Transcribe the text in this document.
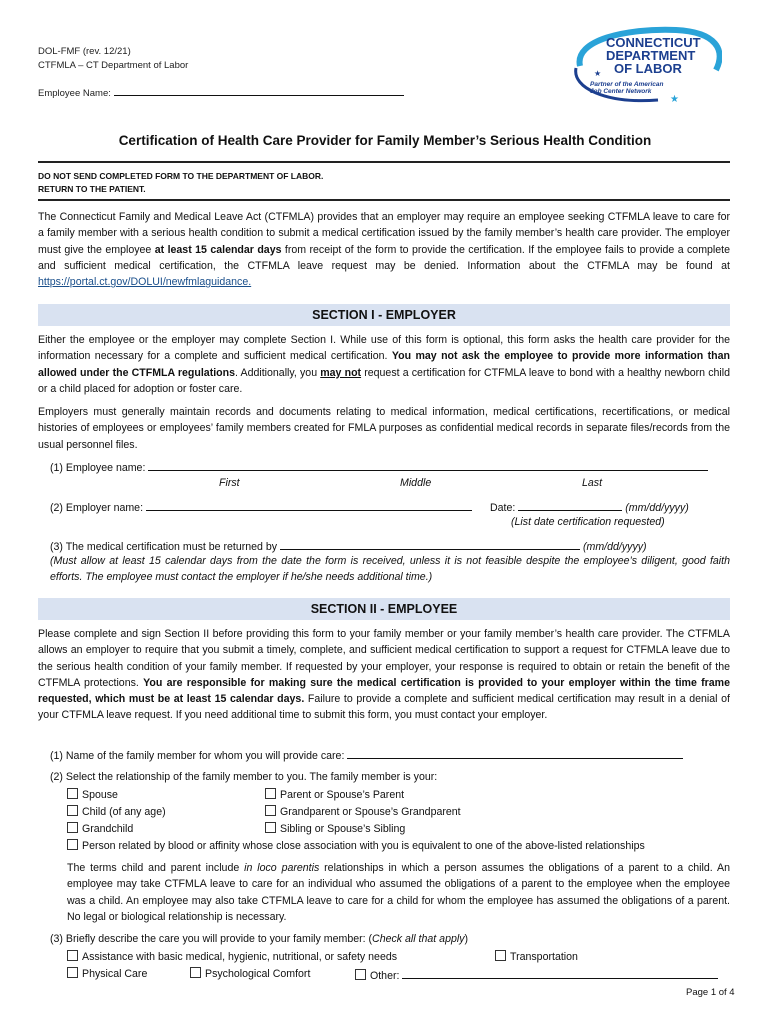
DOL-FMF (rev. 12/21)
CTFMLA – CT Department of Labor
Employee Name:
★
★
CONNECTICUT
DEPARTMENT
OF LABOR
Partner of the American
Job Center Network
Certification of Health Care Provider for Family Member’s Serious Health Condition
DO NOT SEND COMPLETED FORM TO THE DEPARTMENT OF LABOR.
RETURN TO THE PATIENT.
The Connecticut Family and Medical Leave Act (CTFMLA) provides that an employer may require an employee seeking CTFMLA leave to care for a family member with a serious health condition to submit a medical certification issued by the family member’s health care provider. The employer must give the employee at least 15 calendar days from receipt of the form to provide the certification. If the employee fails to provide a complete and sufficient medical certification, the CTFMLA leave request may be denied. Information about the CTFMLA may be found at https://portal.ct.gov/DOLUI/newfmlaguidance.
SECTION I - EMPLOYER
Either the employee or the employer may complete Section I. While use of this form is optional, this form asks the health care provider for the information necessary for a complete and sufficient medical certification. You may not ask the employee to provide more information than allowed under the CTFMLA regulations. Additionally, you may not request a certification for CTFMLA leave to bond with a healthy newborn child or a child placed for adoption or foster care.
Employers must generally maintain records and documents relating to medical information, medical certifications, recertifications, or medical histories of employees or employees’ family members created for FMLA purposes as confidential medical records in separate files/records from the usual personnel files.
(1) Employee name:
First	Middle	Last
(2) Employer name:	Date:	(mm/dd/yyyy)
(List date certification requested)
(3) The medical certification must be returned by	(mm/dd/yyyy)
(Must allow at least 15 calendar days from the date the form is received, unless it is not feasible despite the employee’s diligent, good faith efforts. The employee must contact the employer if he/she needs additional time.)
SECTION II - EMPLOYEE
Please complete and sign Section II before providing this form to your family member or your family member’s health care provider. The CTFMLA allows an employer to require that you submit a timely, complete, and sufficient medical certification to support a request for CTFMLA leave due to the serious health condition of your family member. If requested by your employer, your response is required to obtain or retain the benefit of the CTFMLA protections. You are responsible for making sure the medical certification is provided to your employer within the time frame requested, which must be at least 15 calendar days. Failure to provide a complete and sufficient medical certification may result in a denial of your CTFMLA leave request. If you need additional time to submit this form, you must contact your employer.
(1) Name of the family member for whom you will provide care:
(2) Select the relationship of the family member to you. The family member is your:
Spouse	Parent or Spouse’s Parent
Child (of any age)	Grandparent or Spouse’s Grandparent
Grandchild	Sibling or Spouse’s Sibling
Person related by blood or affinity whose close association with you is equivalent to one of the above-listed relationships
The terms child and parent include in loco parentis relationships in which a person assumes the obligations of a parent to a child. An employee may take CTFMLA leave to care for an individual who assumed the obligations of a parent to the employee when the employee was a child. An employee may also take CTFMLA leave to care for a child for whom the employee has assumed the obligations of a parent. No legal or biological relationship is necessary.
(3) Briefly describe the care you will provide to your family member: (Check all that apply)
Assistance with basic medical, hygienic, nutritional, or safety needs	Transportation
Physical Care	Psychological Comfort	Other:
Page 1 of 4
